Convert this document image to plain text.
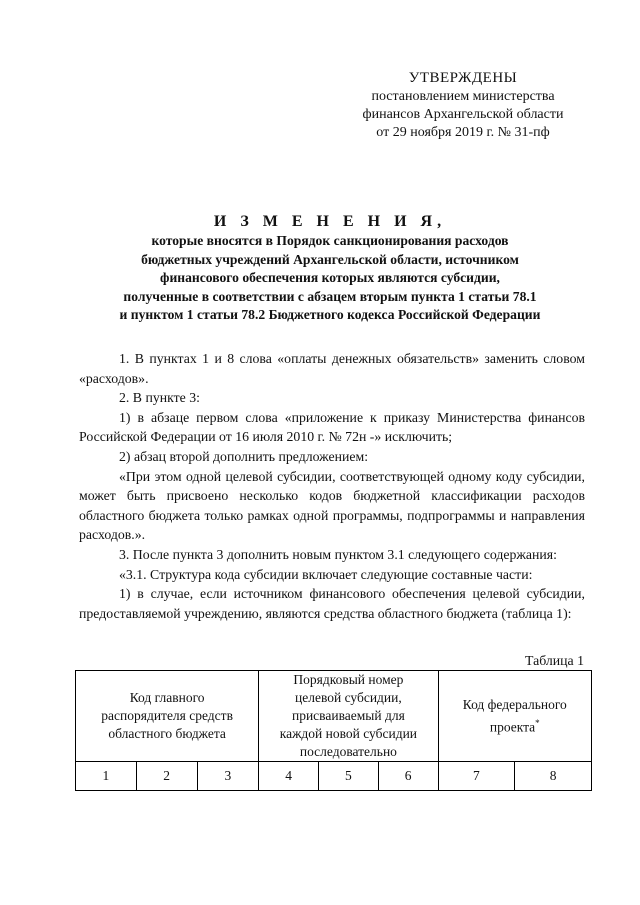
УТВЕРЖДЕНЫ
постановлением министерства
финансов Архангельской области
от 29 ноября 2019 г. № 31-пф
И З М Е Н Е Н И Я,
которые вносятся в Порядок санкционирования расходов
бюджетных учреждений Архангельской области, источником
финансового обеспечения которых являются субсидии,
полученные в соответствии с абзацем вторым пункта 1 статьи 78.1
и пунктом 1 статьи 78.2 Бюджетного кодекса Российской Федерации

1. В пунктах 1 и 8 слова «оплаты денежных обязательств» заменить словом «расходов».

2. В пункте 3:

1) в абзаце первом слова «приложение к приказу Министерства финансов Российской Федерации от 16 июля 2010 г. № 72н -» исключить;

2) абзац второй дополнить предложением:

«При этом одной целевой субсидии, соответствующей одному коду субсидии, может быть присвоено несколько кодов бюджетной классификации расходов областного бюджета только рамках одной программы, подпрограммы и направления расходов.».

3. После пункта 3 дополнить новым пунктом 3.1 следующего содержания:

«3.1. Структура кода субсидии включает следующие составные части:

1) в случае, если источником финансового обеспечения целевой субсидии, предоставляемой учреждению, являются средства областного бюджета (таблица 1):

Таблица 1
Код главного распорядителя средств областного бюджета			Порядковый номер целевой субсидии, присваиваемый для каждой новой субсидии последовательно			Код федерального проекта*
1	2	3	4	5	6	7	8
